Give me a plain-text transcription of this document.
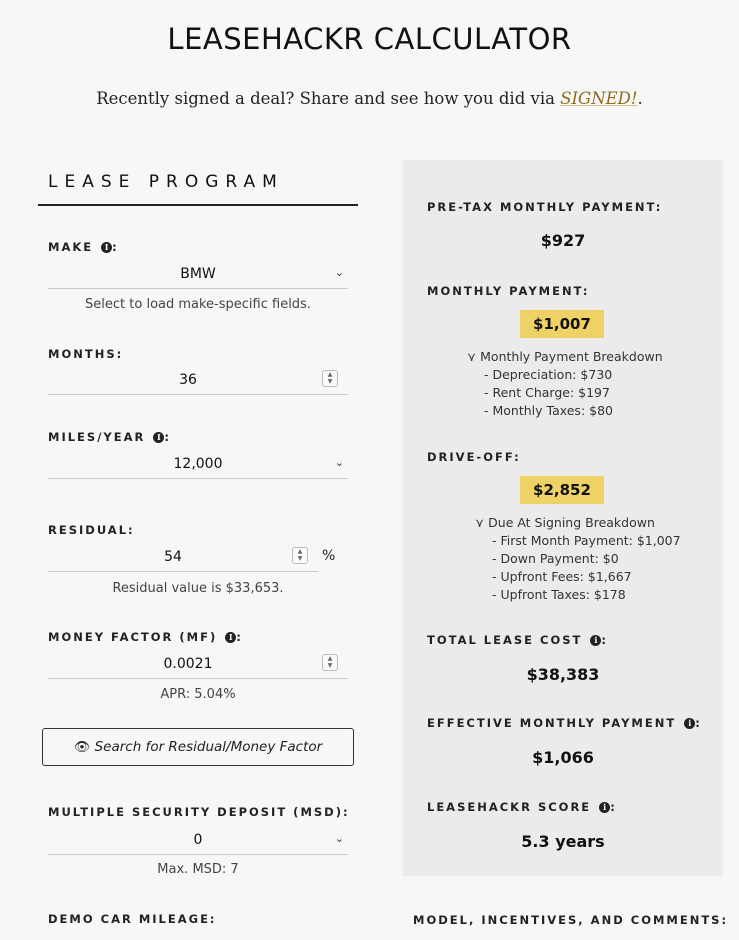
LEASEHACKR CALCULATOR

Recently signed a deal? Share and see how you did via SIGNED!.

LEASE PROGRAM
MAKE I :
BMW	⌄
Select to load make-specific fields.
MONTHS:
36	▲
▼
MILES/YEAR I :
12,000	⌄
RESIDUAL:
54	▲
▼	%
Residual value is $33,653.
MONEY FACTOR (MF) I :
0.0021	▲
▼
APR: 5.04%
👁 Search for Residual/Money Factor
MULTIPLE SECURITY DEPOSIT (MSD):
0	⌄
Max. MSD: 7
DEMO CAR MILEAGE:
PRE-TAX MONTHLY PAYMENT:
$927
MONTHLY PAYMENT:
$1,007
⋎ Monthly Payment Breakdown
- Depreciation: $730
- Rent Charge: $197
- Monthly Taxes: $80
DRIVE-OFF:
$2,852
⋎ Due At Signing Breakdown
- First Month Payment: $1,007
- Down Payment: $0
- Upfront Fees: $1,667
- Upfront Taxes: $178
TOTAL LEASE COST i :
$38,383
EFFECTIVE MONTHLY PAYMENT i :
$1,066
LEASEHACKR SCORE i :
5.3 years
MODEL, INCENTIVES, AND COMMENTS:
